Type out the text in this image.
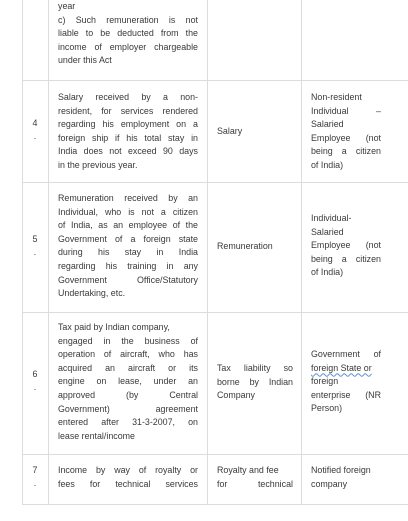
year
c) Such remuneration is not
liable to be deducted from the
income of employer chargeable
under this Act
4
.
Salary received by a non-
resident, for services rendered
regarding his employment on a
foreign ship if his total stay in
India does not exceed 90 days
in the previous year.
Salary
Non-resident
Individual –
Salaried
Employee (not
being a citizen
of India)
5
.
Remuneration received by an
Individual, who is not a citizen
of India, as an employee of the
Government of a foreign state
during his stay in India
regarding his training in any
Government Office/Statutory
Undertaking, etc.
Remuneration
Individual-
Salaried
Employee (not
being a citizen
of India)
6
.
Tax paid by Indian company,
engaged in the business of
operation of aircraft, who has
acquired an aircraft or its
engine on lease, under an
approved (by Central
Government) agreement
entered after 31-3-2007, on
lease rental/income
Tax liability so
borne by Indian
Company
Government of
foreign State or
foreign
enterprise (NR
Person)
7
.
Income by way of royalty or
fees for technical services
Royalty and fee
for technical
Notified foreign
company
